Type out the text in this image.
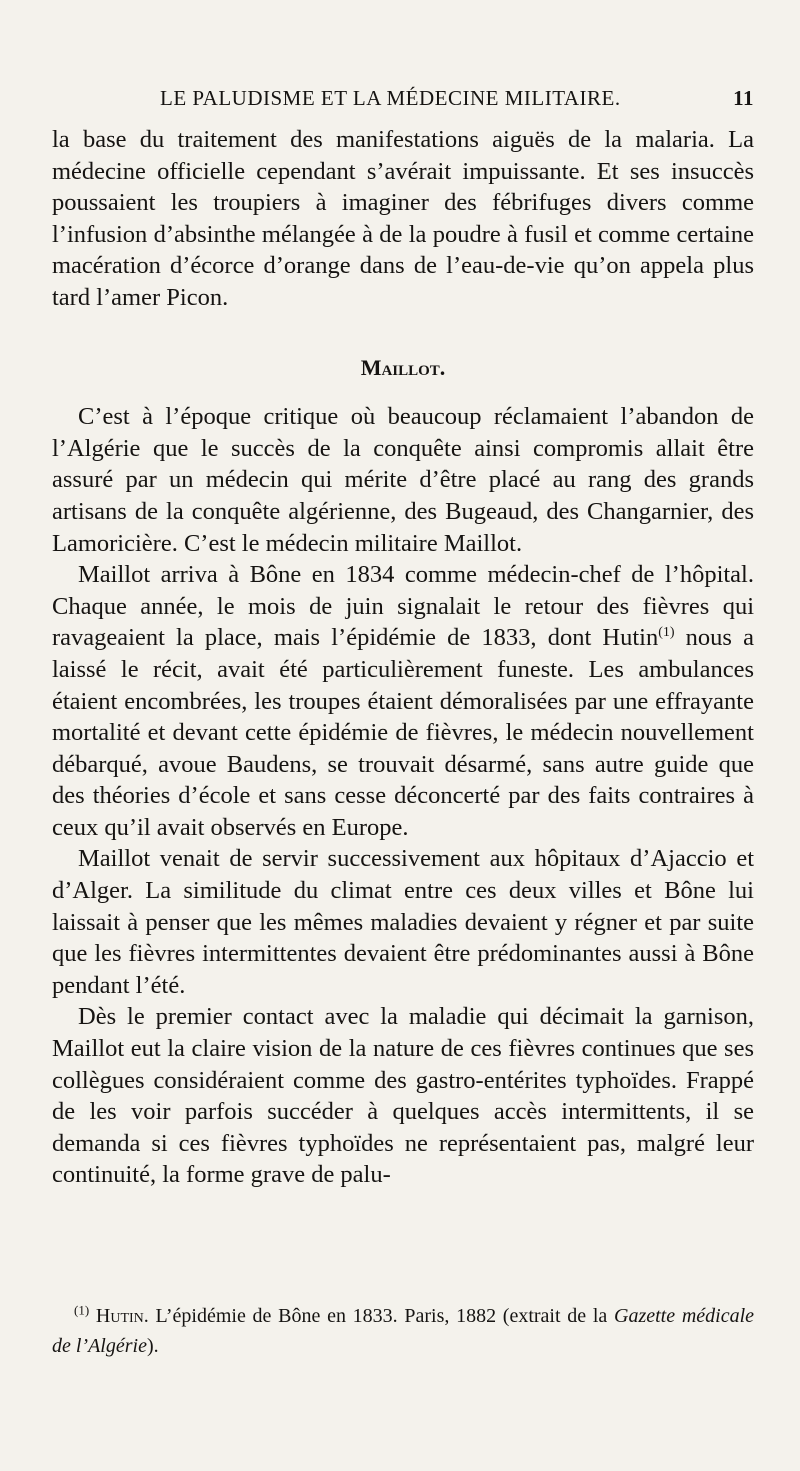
LE PALUDISME ET LA MÉDECINE MILITAIRE.	11

la base du traitement des manifestations aiguës de la malaria. La médecine officielle cependant s’avérait impuissante. Et ses insuccès poussaient les troupiers à imaginer des fébrifuges divers comme l’infusion d’absinthe mélangée à de la poudre à fusil et comme certaine macération d’écorce d’orange dans de l’eau-de-vie qu’on appela plus tard l’amer Picon.

Maillot.

C’est à l’époque critique où beaucoup réclamaient l’abandon de l’Algérie que le succès de la conquête ainsi compromis allait être assuré par un médecin qui mérite d’être placé au rang des grands artisans de la conquête algérienne, des Bugeaud, des Changarnier, des Lamoricière. C’est le médecin militaire Maillot.

Maillot arriva à Bône en 1834 comme médecin-chef de l’hôpital. Chaque année, le mois de juin signalait le retour des fièvres qui ravageaient la place, mais l’épidémie de 1833, dont Hutin$^{(1)}$ nous a laissé le récit, avait été particulièrement funeste. Les ambulances étaient encombrées, les troupes étaient démoralisées par une effrayante mortalité et devant cette épidémie de fièvres, le médecin nouvellement débarqué, avoue Baudens, se trouvait désarmé, sans autre guide que des théories d’école et sans cesse déconcerté par des faits contraires à ceux qu’il avait observés en Europe.

Maillot venait de servir successivement aux hôpitaux d’Ajaccio et d’Alger. La similitude du climat entre ces deux villes et Bône lui laissait à penser que les mêmes maladies devaient y régner et par suite que les fièvres intermittentes devaient être prédominantes aussi à Bône pendant l’été.

Dès le premier contact avec la maladie qui décimait la garnison, Maillot eut la claire vision de la nature de ces fièvres continues que ses collègues considéraient comme des gastro-entérites typhoïdes. Frappé de les voir parfois succéder à quelques accès intermittents, il se demanda si ces fièvres typhoïdes ne représentaient pas, malgré leur continuité, la forme grave de palu-

$^{(1)}$ Hutin. L’épidémie de Bône en 1833. Paris, 1882 (extrait de la Gazette médicale de l’Algérie).
